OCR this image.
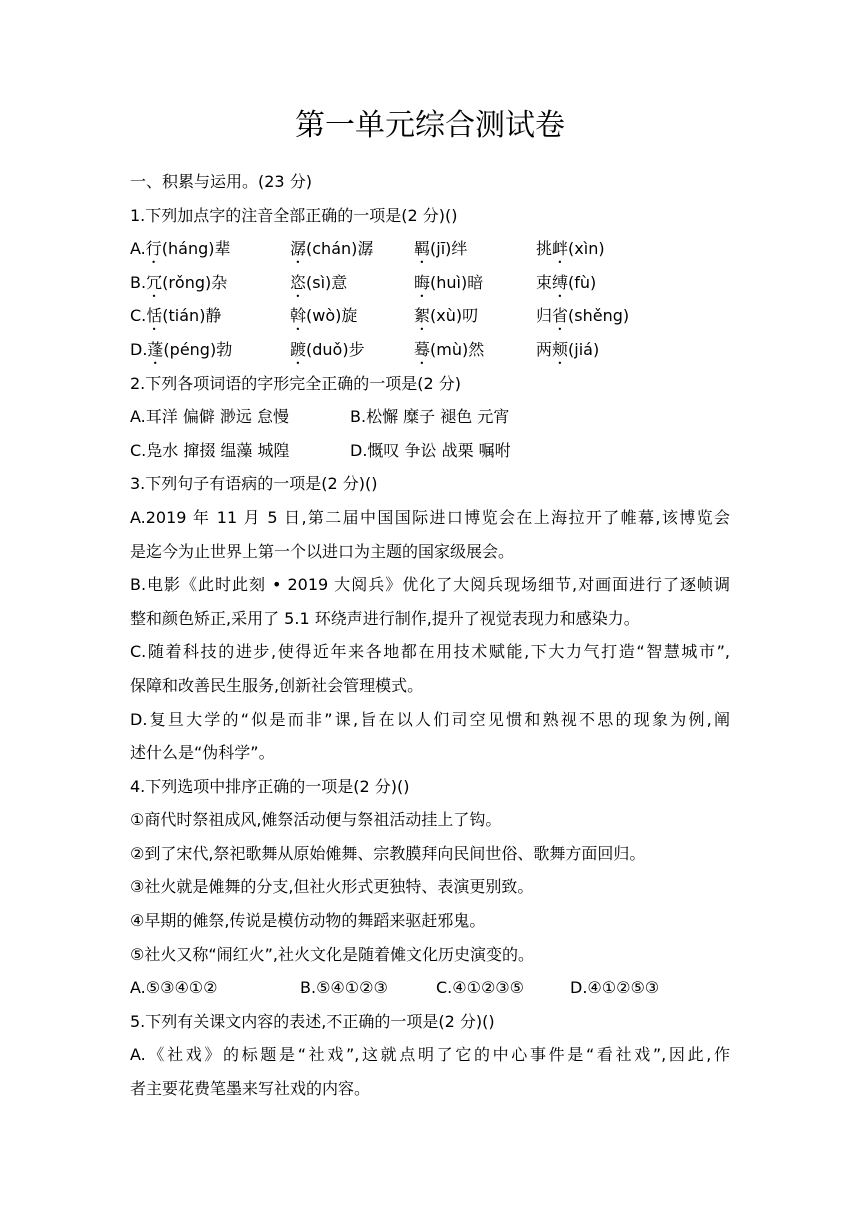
第一单元综合测试卷
一、积累与运用。(23 分)
1.下列加点字的注音全部正确的一项是(2 分)()
A.行(háng)辈	潺(chán)潺	羁(jī)绊	挑衅(xìn)
B.冗(rǒng)杂	恣(sì)意	晦(huì)暗	束缚(fù)
C.恬(tián)静	斡(wò)旋	絮(xù)叨	归省(shěng)
D.蓬(péng)勃	踱(duǒ)步	蓦(mù)然	两颊(jiá)
2.下列各项词语的字形完全正确的一项是(2 分)
A.耳洋 偏僻 渺远 怠慢	B.松懈 糜子 褪色 元宵
C.凫水 撺掇 缊藻 城隍	D.慨叹 争讼 战栗 嘱咐
3.下列句子有语病的一项是(2 分)()
A.2019 年 11 月 5 日,第二届中国国际进口博览会在上海拉开了帷幕,该博览会
是迄今为止世界上第一个以进口为主题的国家级展会。
B.电影《此时此刻 • 2019 大阅兵》优化了大阅兵现场细节,对画面进行了逐帧调
整和颜色矫正,采用了 5.1 环绕声进行制作,提升了视觉表现力和感染力。
C.随着科技的进步,使得近年来各地都在用技术赋能,下大力气打造“智慧城市”,
保障和改善民生服务,创新社会管理模式。
D.复旦大学的“似是而非”课,旨在以人们司空见惯和熟视不思的现象为例,阐
述什么是“伪科学”。
4.下列选项中排序正确的一项是(2 分)()
①商代时祭祖成风,傩祭活动便与祭祖活动挂上了钩。
②到了宋代,祭祀歌舞从原始傩舞、宗教膜拜向民间世俗、歌舞方面回归。
③社火就是傩舞的分支,但社火形式更独特、表演更别致。
④早期的傩祭,传说是模仿动物的舞蹈来驱赶邪鬼。
⑤社火又称“闹红火”,社火文化是随着傩文化历史演变的。
A.⑤③④①②	B.⑤④①②③	C.④①②③⑤	D.④①②⑤③
5.下列有关课文内容的表述,不正确的一项是(2 分)()
A.《社戏》的标题是“社戏”,这就点明了它的中心事件是“看社戏”,因此,作
者主要花费笔墨来写社戏的内容。
